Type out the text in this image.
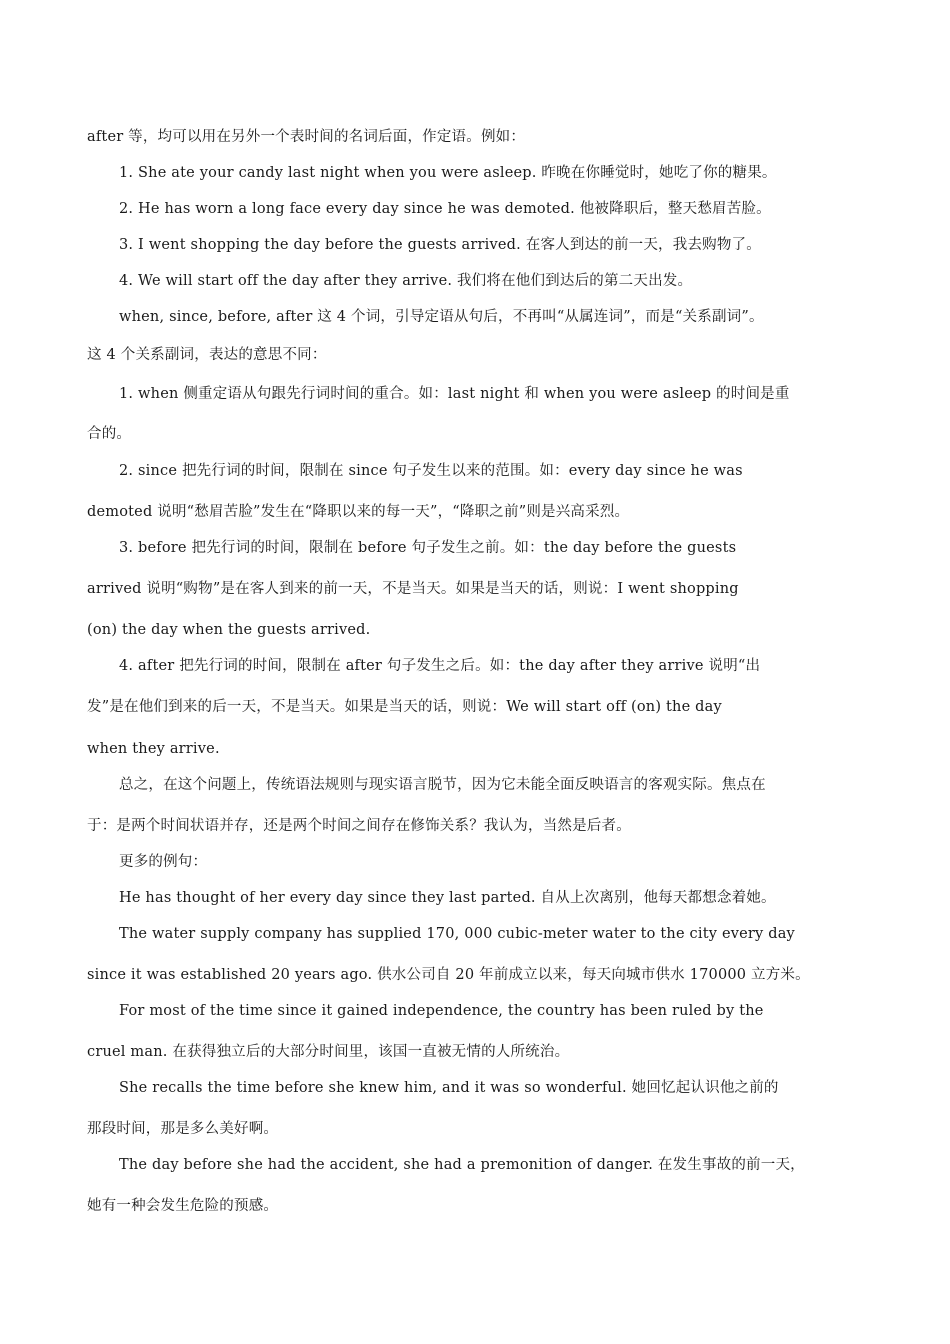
after 等，均可以用在另外一个表时间的名词后面，作定语。例如：
1. She ate your candy last night when you were asleep. 昨晚在你睡觉时，她吃了你的糖果。
2. He has worn a long face every day since he was demoted. 他被降职后，整天愁眉苦脸。
3. I went shopping the day before the guests arrived. 在客人到达的前一天，我去购物了。
4. We will start off the day after they arrive. 我们将在他们到达后的第二天出发。
when, since, before, after 这 4 个词，引导定语从句后，不再叫“从属连词”，而是“关系副词”。
这 4 个关系副词，表达的意思不同：
1. when 侧重定语从句跟先行词时间的重合。如：last night 和 when you were asleep 的时间是重
合的。
2. since 把先行词的时间，限制在 since 句子发生以来的范围。如：every day since he was
demoted 说明“愁眉苦脸”发生在“降职以来的每一天”，“降职之前”则是兴高采烈。
3. before 把先行词的时间，限制在 before 句子发生之前。如：the day before the guests
arrived 说明“购物”是在客人到来的前一天，不是当天。如果是当天的话，则说：I went shopping
(on) the day when the guests arrived.
4. after 把先行词的时间，限制在 after 句子发生之后。如：the day after they arrive 说明“出
发”是在他们到来的后一天，不是当天。如果是当天的话，则说：We will start off (on) the day
when they arrive.
总之，在这个问题上，传统语法规则与现实语言脱节，因为它未能全面反映语言的客观实际。焦点在
于：是两个时间状语并存，还是两个时间之间存在修饰关系？我认为，当然是后者。
更多的例句：
He has thought of her every day since they last parted. 自从上次离别，他每天都想念着她。
The water supply company has supplied 170, 000 cubic-meter water to the city every day
since it was established 20 years ago. 供水公司自 20 年前成立以来，每天向城市供水 170000 立方米。
For most of the time since it gained independence, the country has been ruled by the
cruel man. 在获得独立后的大部分时间里，该国一直被无情的人所统治。
She recalls the time before she knew him, and it was so wonderful. 她回忆起认识他之前的
那段时间，那是多么美好啊。
The day before she had the accident, she had a premonition of danger. 在发生事故的前一天，
她有一种会发生危险的预感。
